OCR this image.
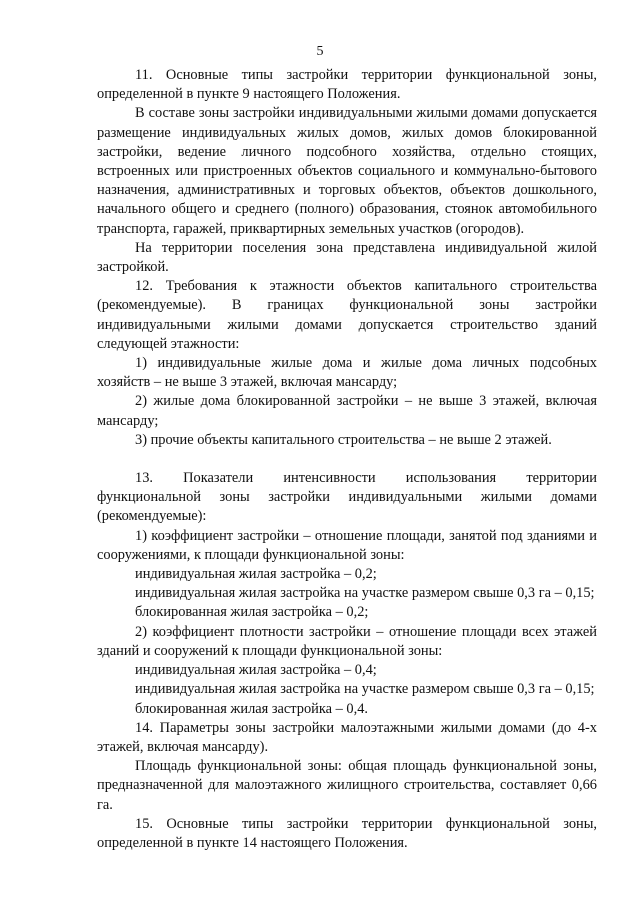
5

11. Основные типы застройки территории функциональной зоны, определенной в пункте 9 настоящего Положения.

В составе зоны застройки индивидуальными жилыми домами допускается размещение индивидуальных жилых домов, жилых домов блокированной застройки, ведение личного подсобного хозяйства, отдельно стоящих, встроенных или пристроенных объектов социального и коммунально-бытового назначения, административных и торговых объектов, объектов дошкольного, начального общего и среднего (полного) образования, стоянок автомобильного транспорта, гаражей, приквартирных земельных участков (огородов).

На территории поселения зона представлена индивидуальной жилой застройкой.

12. Требования к этажности объектов капитального строительства (рекомендуемые). В границах функциональной зоны застройки индивидуальными жилыми домами допускается строительство зданий следующей этажности:

1) индивидуальные жилые дома и жилые дома личных подсобных хозяйств – не выше 3 этажей, включая мансарду;

2) жилые дома блокированной застройки – не выше 3 этажей, включая мансарду;

3) прочие объекты капитального строительства – не выше 2 этажей.

13. Показатели интенсивности использования территории функциональной зоны застройки индивидуальными жилыми домами (рекомендуемые):

1) коэффициент застройки – отношение площади, занятой под зданиями и сооружениями, к площади функциональной зоны:

индивидуальная жилая застройка – 0,2;

индивидуальная жилая застройка на участке размером свыше 0,3 га – 0,15;

блокированная жилая застройка – 0,2;

2) коэффициент плотности застройки – отношение площади всех этажей зданий и сооружений к площади функциональной зоны:

индивидуальная жилая застройка – 0,4;

индивидуальная жилая застройка на участке размером свыше 0,3 га – 0,15;

блокированная жилая застройка – 0,4.

14. Параметры зоны застройки малоэтажными жилыми домами (до 4-х этажей, включая мансарду).

Площадь функциональной зоны: общая площадь функциональной зоны, предназначенной для малоэтажного жилищного строительства, составляет 0,66 га.

15. Основные типы застройки территории функциональной зоны, определенной в пункте 14 настоящего Положения.
